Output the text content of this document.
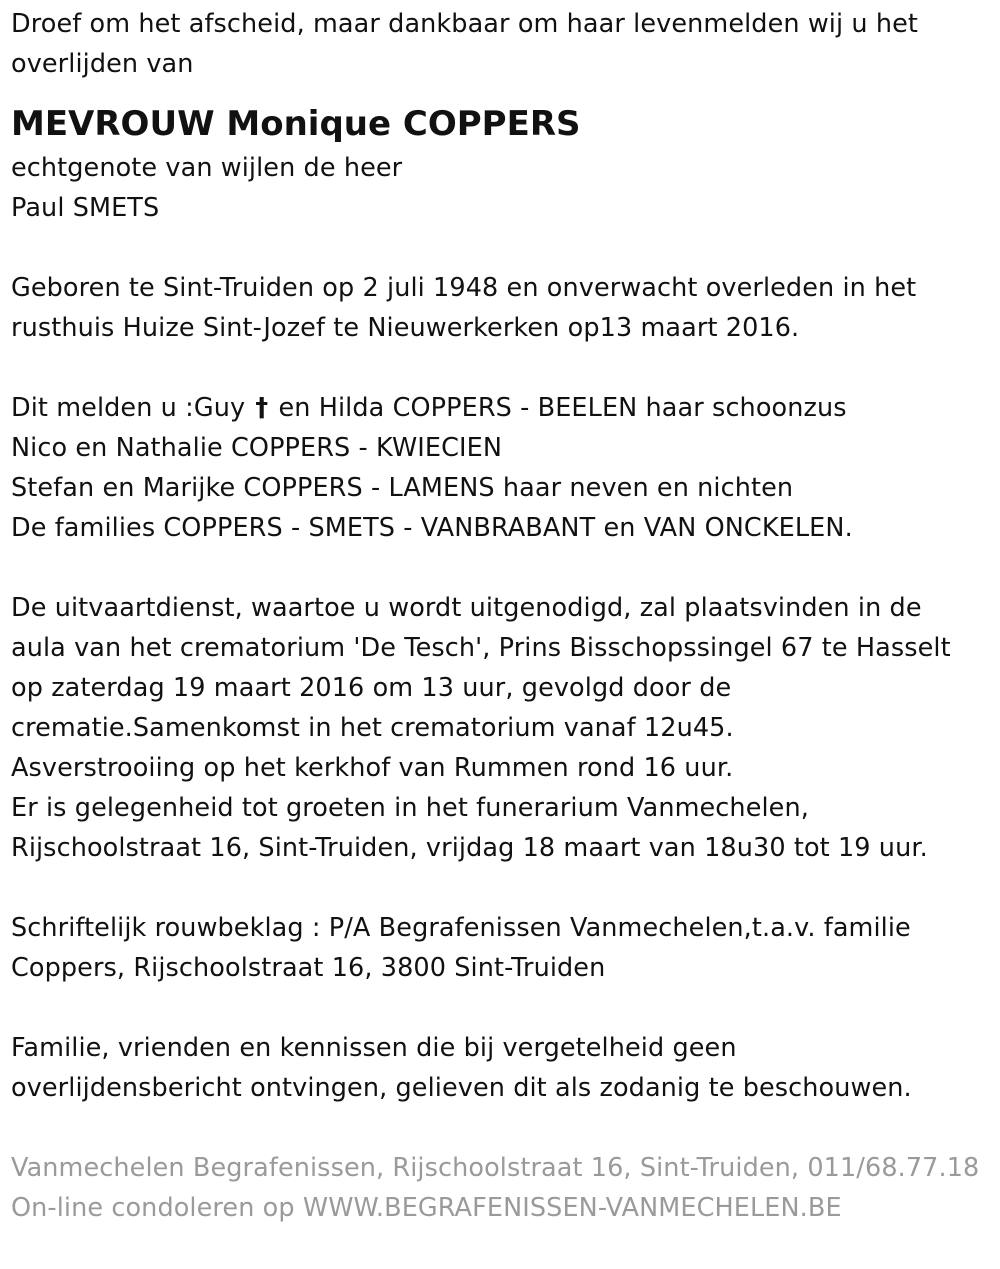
Droef om het afscheid, maar dankbaar om haar levenmelden wij u het
overlijden van
MEVROUW Monique COPPERS
echtgenote van wijlen de heer
Paul SMETS
Geboren te Sint-Truiden op 2 juli 1948 en onverwacht overleden in het
rusthuis Huize Sint-Jozef te Nieuwerkerken op13 maart 2016.
Dit melden u :Guy † en Hilda COPPERS - BEELEN haar schoonzus
Nico en Nathalie COPPERS - KWIECIEN
Stefan en Marijke COPPERS - LAMENS haar neven en nichten
De families COPPERS - SMETS - VANBRABANT en VAN ONCKELEN.
De uitvaartdienst, waartoe u wordt uitgenodigd, zal plaatsvinden in de
aula van het crematorium 'De Tesch', Prins Bisschopssingel 67 te Hasselt
op zaterdag 19 maart 2016 om 13 uur, gevolgd door de
crematie.Samenkomst in het crematorium vanaf 12u45.
Asverstrooiing op het kerkhof van Rummen rond 16 uur.
Er is gelegenheid tot groeten in het funerarium Vanmechelen,
Rijschoolstraat 16, Sint-Truiden, vrijdag 18 maart van 18u30 tot 19 uur.
Schriftelijk rouwbeklag : P/A Begrafenissen Vanmechelen,t.a.v. familie
Coppers, Rijschoolstraat 16, 3800 Sint-Truiden
Familie, vrienden en kennissen die bij vergetelheid geen
overlijdensbericht ontvingen, gelieven dit als zodanig te beschouwen.
Vanmechelen Begrafenissen, Rijschoolstraat 16, Sint-Truiden, 011/68.77.18
On-line condoleren op WWW.BEGRAFENISSEN-VANMECHELEN.BE
